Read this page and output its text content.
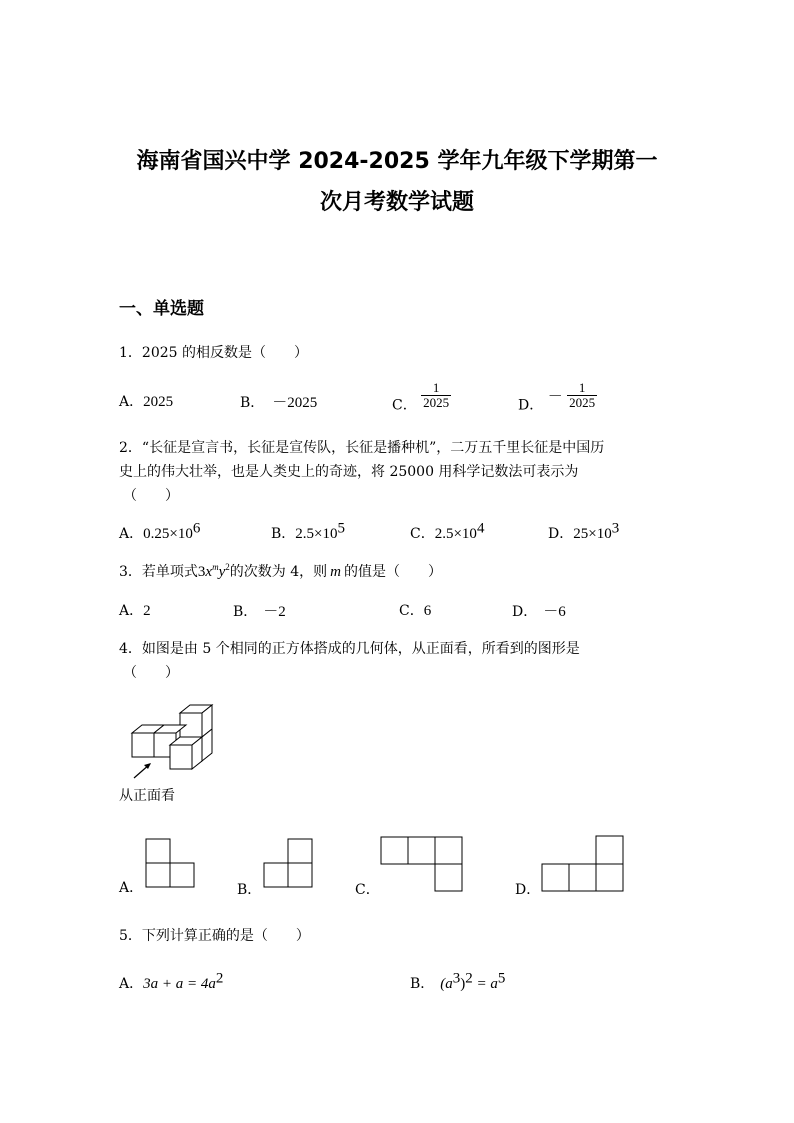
海南省国兴中学 2024-2025 学年九年级下学期第一
次月考数学试题
一、单选题
1．2025 的相反数是（　　）
A．2025	B． －2025	C． $\frac{1}{2025}$	D． － $\frac{1}{2025}$
2．“长征是宣言书，长征是宣传队，长征是播种机”，二万五千里长征是中国历
史上的伟大壮举，也是人类史上的奇迹，将 25000 用科学记数法可表示为
（　　）
A．$0.25\times 10^6$	B．$2.5\times 10^5$	C．$2.5\times 10^4$	D．$25\times 10^3$
3．若单项式$3x^my^2$的次数为 4，则 m 的值是（　　）
A．2	B． －2	C．6	D． －6
4．如图是由 5 个相同的正方体搭成的几何体，从正面看，所看到的图形是
（　　）
从正面看
A．	B．	C．	D．
5．下列计算正确的是（　　）
A．$3a + a = 4a^2$	B． $(a^3)^2 = a^5$
